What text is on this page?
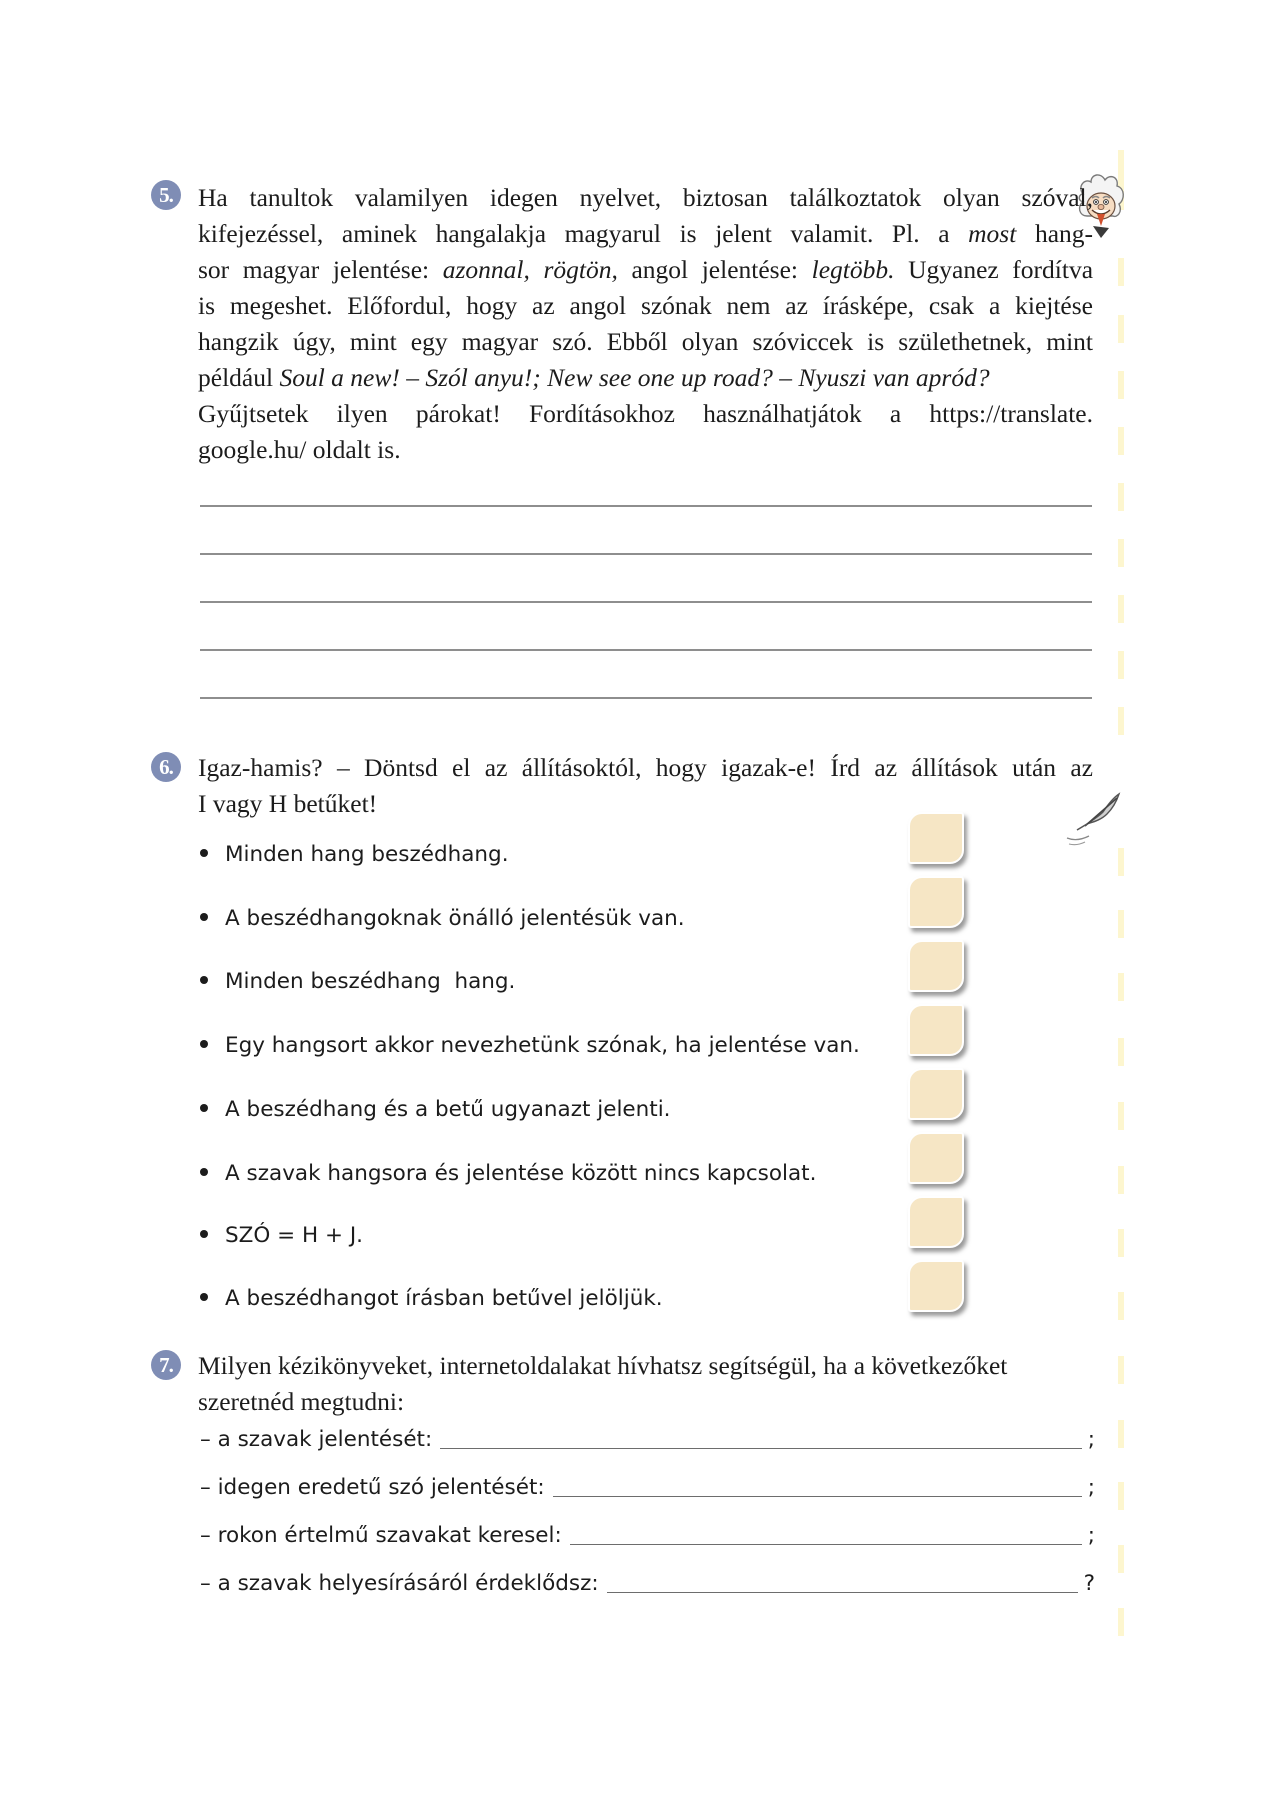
5. Ha tanultok valamilyen idegen nyelvet, biztosan találkoztatok olyan szóval,

kifejezéssel, aminek hangalakja magyarul is jelent valamit. Pl. a most hang-

sor magyar jelentése: azonnal, rögtön, angol jelentése: legtöbb. Ugyanez fordítva

is megeshet. Előfordul, hogy az angol szónak nem az írásképe, csak a kiejtése

hangzik úgy, mint egy magyar szó. Ebből olyan szóviccek is születhetnek, mint

például Soul a new! – Szól anyu!; New see one up road? – Nyuszi van apród?

Gyűjtsetek ilyen párokat! Fordításokhoz használhatjátok a https://translate.

google.hu/ oldalt is.

6. Igaz-hamis? – Döntsd el az állításoktól, hogy igazak-e! Írd az állítások után az

I vagy H betűket!

Minden hang beszédhang.
A beszédhangoknak önálló jelentésük van.
Minden beszédhang  hang.
Egy hangsort akkor nevezhetünk szónak, ha jelentése van.
A beszédhang és a betű ugyanazt jelenti.
A szavak hangsora és jelentése között nincs kapcsolat.
SZÓ = H + J.
A beszédhangot írásban betűvel jelöljük.
7. Milyen kézikönyveket, internetoldalakat hívhatsz segítségül, ha a következőket

szeretnéd megtudni:

– a szavak jelentését:	;
– idegen eredetű szó jelentését:	;
– rokon értelmű szavakat keresel:	;
– a szavak helyesírásáról érdeklődsz:	?
